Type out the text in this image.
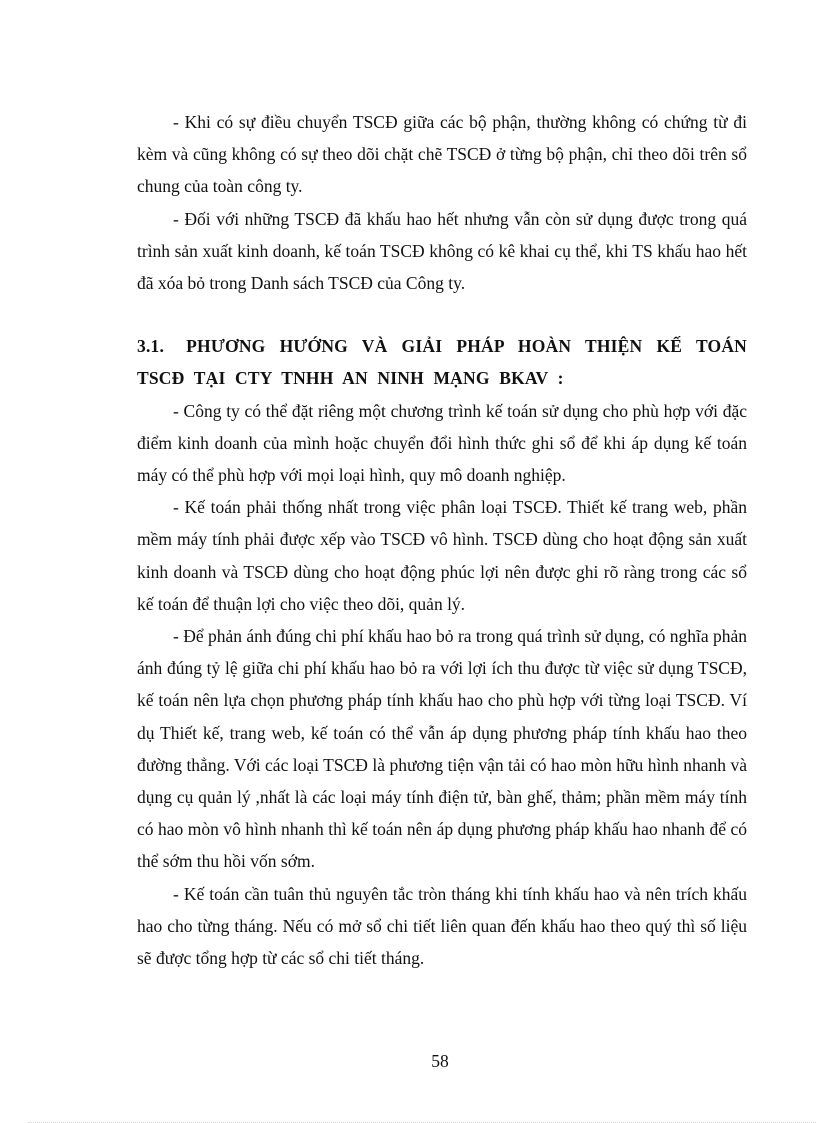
- Khi có sự điều chuyển TSCĐ giữa các bộ phận, thường không có chứng từ đi kèm và cũng không có sự theo dõi chặt chẽ TSCĐ ở từng bộ phận, chỉ theo dõi trên sổ chung của toàn công ty.

- Đối với những TSCĐ đã khấu hao hết nhưng vẫn còn sử dụng được trong quá trình sản xuất kinh doanh, kế toán TSCĐ không có kê khai cụ thể, khi TS khấu hao hết đã xóa bỏ trong Danh sách TSCĐ của Công ty.

3.1. PHƯƠNG HƯỚNG VÀ GIẢI PHÁP HOÀN THIỆN KẾ TOÁN TSCĐ TẠI CTY TNHH AN NINH MẠNG BKAV :

- Công ty có thể đặt riêng một chương trình kế toán sử dụng cho phù hợp với đặc điểm kinh doanh của mình hoặc chuyển đổi hình thức ghi sổ để khi áp dụng kế toán máy có thể phù hợp với mọi loại hình, quy mô doanh nghiệp.

- Kế toán phải thống nhất trong việc phân loại TSCĐ. Thiết kế trang web, phần mềm máy tính phải được xếp vào TSCĐ vô hình. TSCĐ dùng cho hoạt động sản xuất kinh doanh và TSCĐ dùng cho hoạt động phúc lợi nên được ghi rõ ràng trong các sổ kế toán để thuận lợi cho việc theo dõi, quản lý.

- Để phản ánh đúng chi phí khấu hao bỏ ra trong quá trình sử dụng, có nghĩa phản ánh đúng tỷ lệ giữa chi phí khấu hao bỏ ra với lợi ích thu được từ việc sử dụng TSCĐ, kế toán nên lựa chọn phương pháp tính khấu hao cho phù hợp với từng loại TSCĐ. Ví dụ Thiết kế, trang web, kế toán có thể vẫn áp dụng phương pháp tính khấu hao theo đường thẳng. Với các loại TSCĐ là phương tiện vận tải có hao mòn hữu hình nhanh và dụng cụ quản lý ,nhất là các loại máy tính điện tử, bàn ghế, thảm; phần mềm máy tính có hao mòn vô hình nhanh thì kế toán nên áp dụng phương pháp khấu hao nhanh để có thể sớm thu hồi vốn sớm.

- Kế toán cần tuân thủ nguyên tắc tròn tháng khi tính khấu hao và nên trích khấu hao cho từng tháng. Nếu có mở sổ chi tiết liên quan đến khấu hao theo quý thì số liệu sẽ được tổng hợp từ các sổ chi tiết tháng.

58
